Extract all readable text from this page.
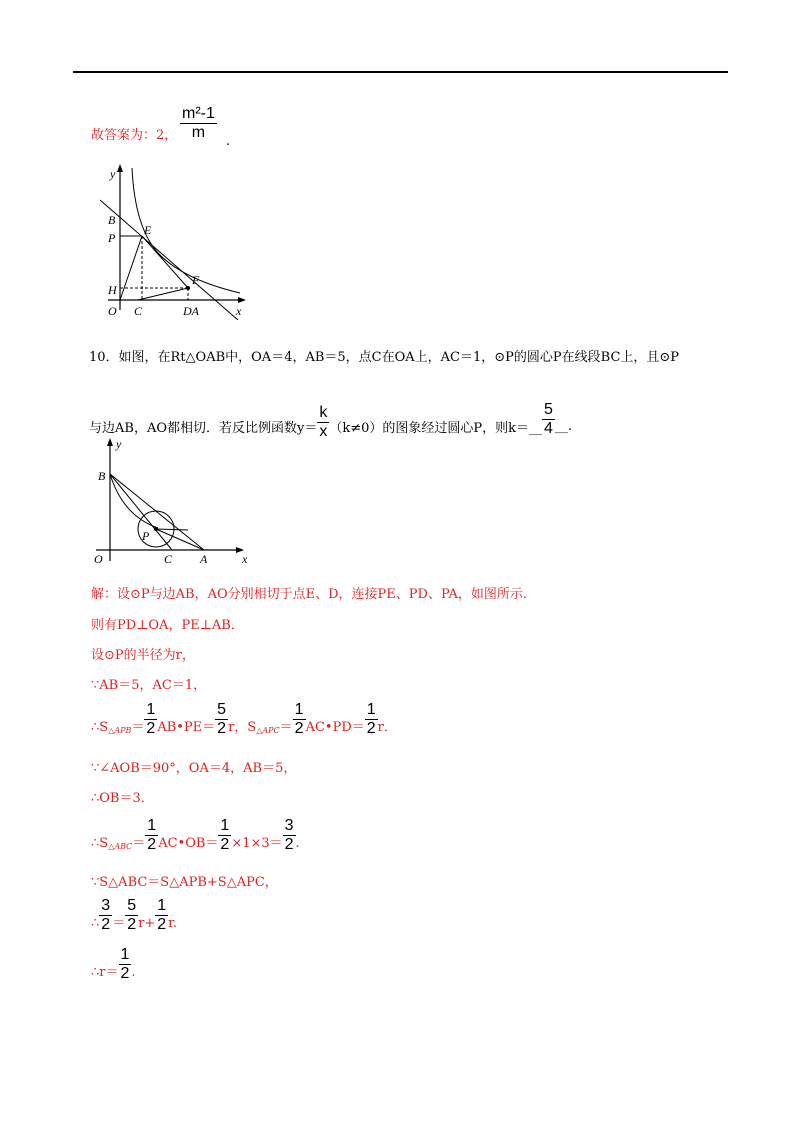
故答案为：2， $\frac{\text{m²-1}}{m}$
.
y
B
P
E
F
H
O C	DA	x
10．如图，在Rt△OAB中，OA＝4，AB＝5，点C在OA上，AC＝1，⊙P的圆心P在线段BC上，且⊙P
与边AB，AO都相切．若反比例函数$y= \frac{k}{x} (k\ne 0)$的图象经过圆心P，则k＝__ $\frac{5}{4}$ __.
y
B
P
O	C A	x
解：设⊙P与边AB，AO分别相切于点E、D，连接PE、PD、PA，如图所示．
则有PD⊥OA，PE⊥AB．
设⊙P的半径为r，
∵AB＝5，AC＝1，
∴S △APB ＝ $\frac{1}{2}$ AB•PE＝ $\frac{5}{2}$ r，S △APC ＝ $\frac{1}{2}$ AC•PD＝ $\frac{1}{2}$ r．
∵∠AOB＝90°，OA＝4，AB＝5，
∴OB＝3．
∴S △ABC ＝ $\frac{1}{2}$ AC•OB＝ $\frac{1}{2} \times 1\times 3= \frac{3}{2}$ .
∵S△ABC＝S△APB+S△APC，
∴ $\frac{3}{2} = \frac{5}{2} r+ \frac{1}{2} r$.
∴r＝ $\frac{1}{2}$ .
